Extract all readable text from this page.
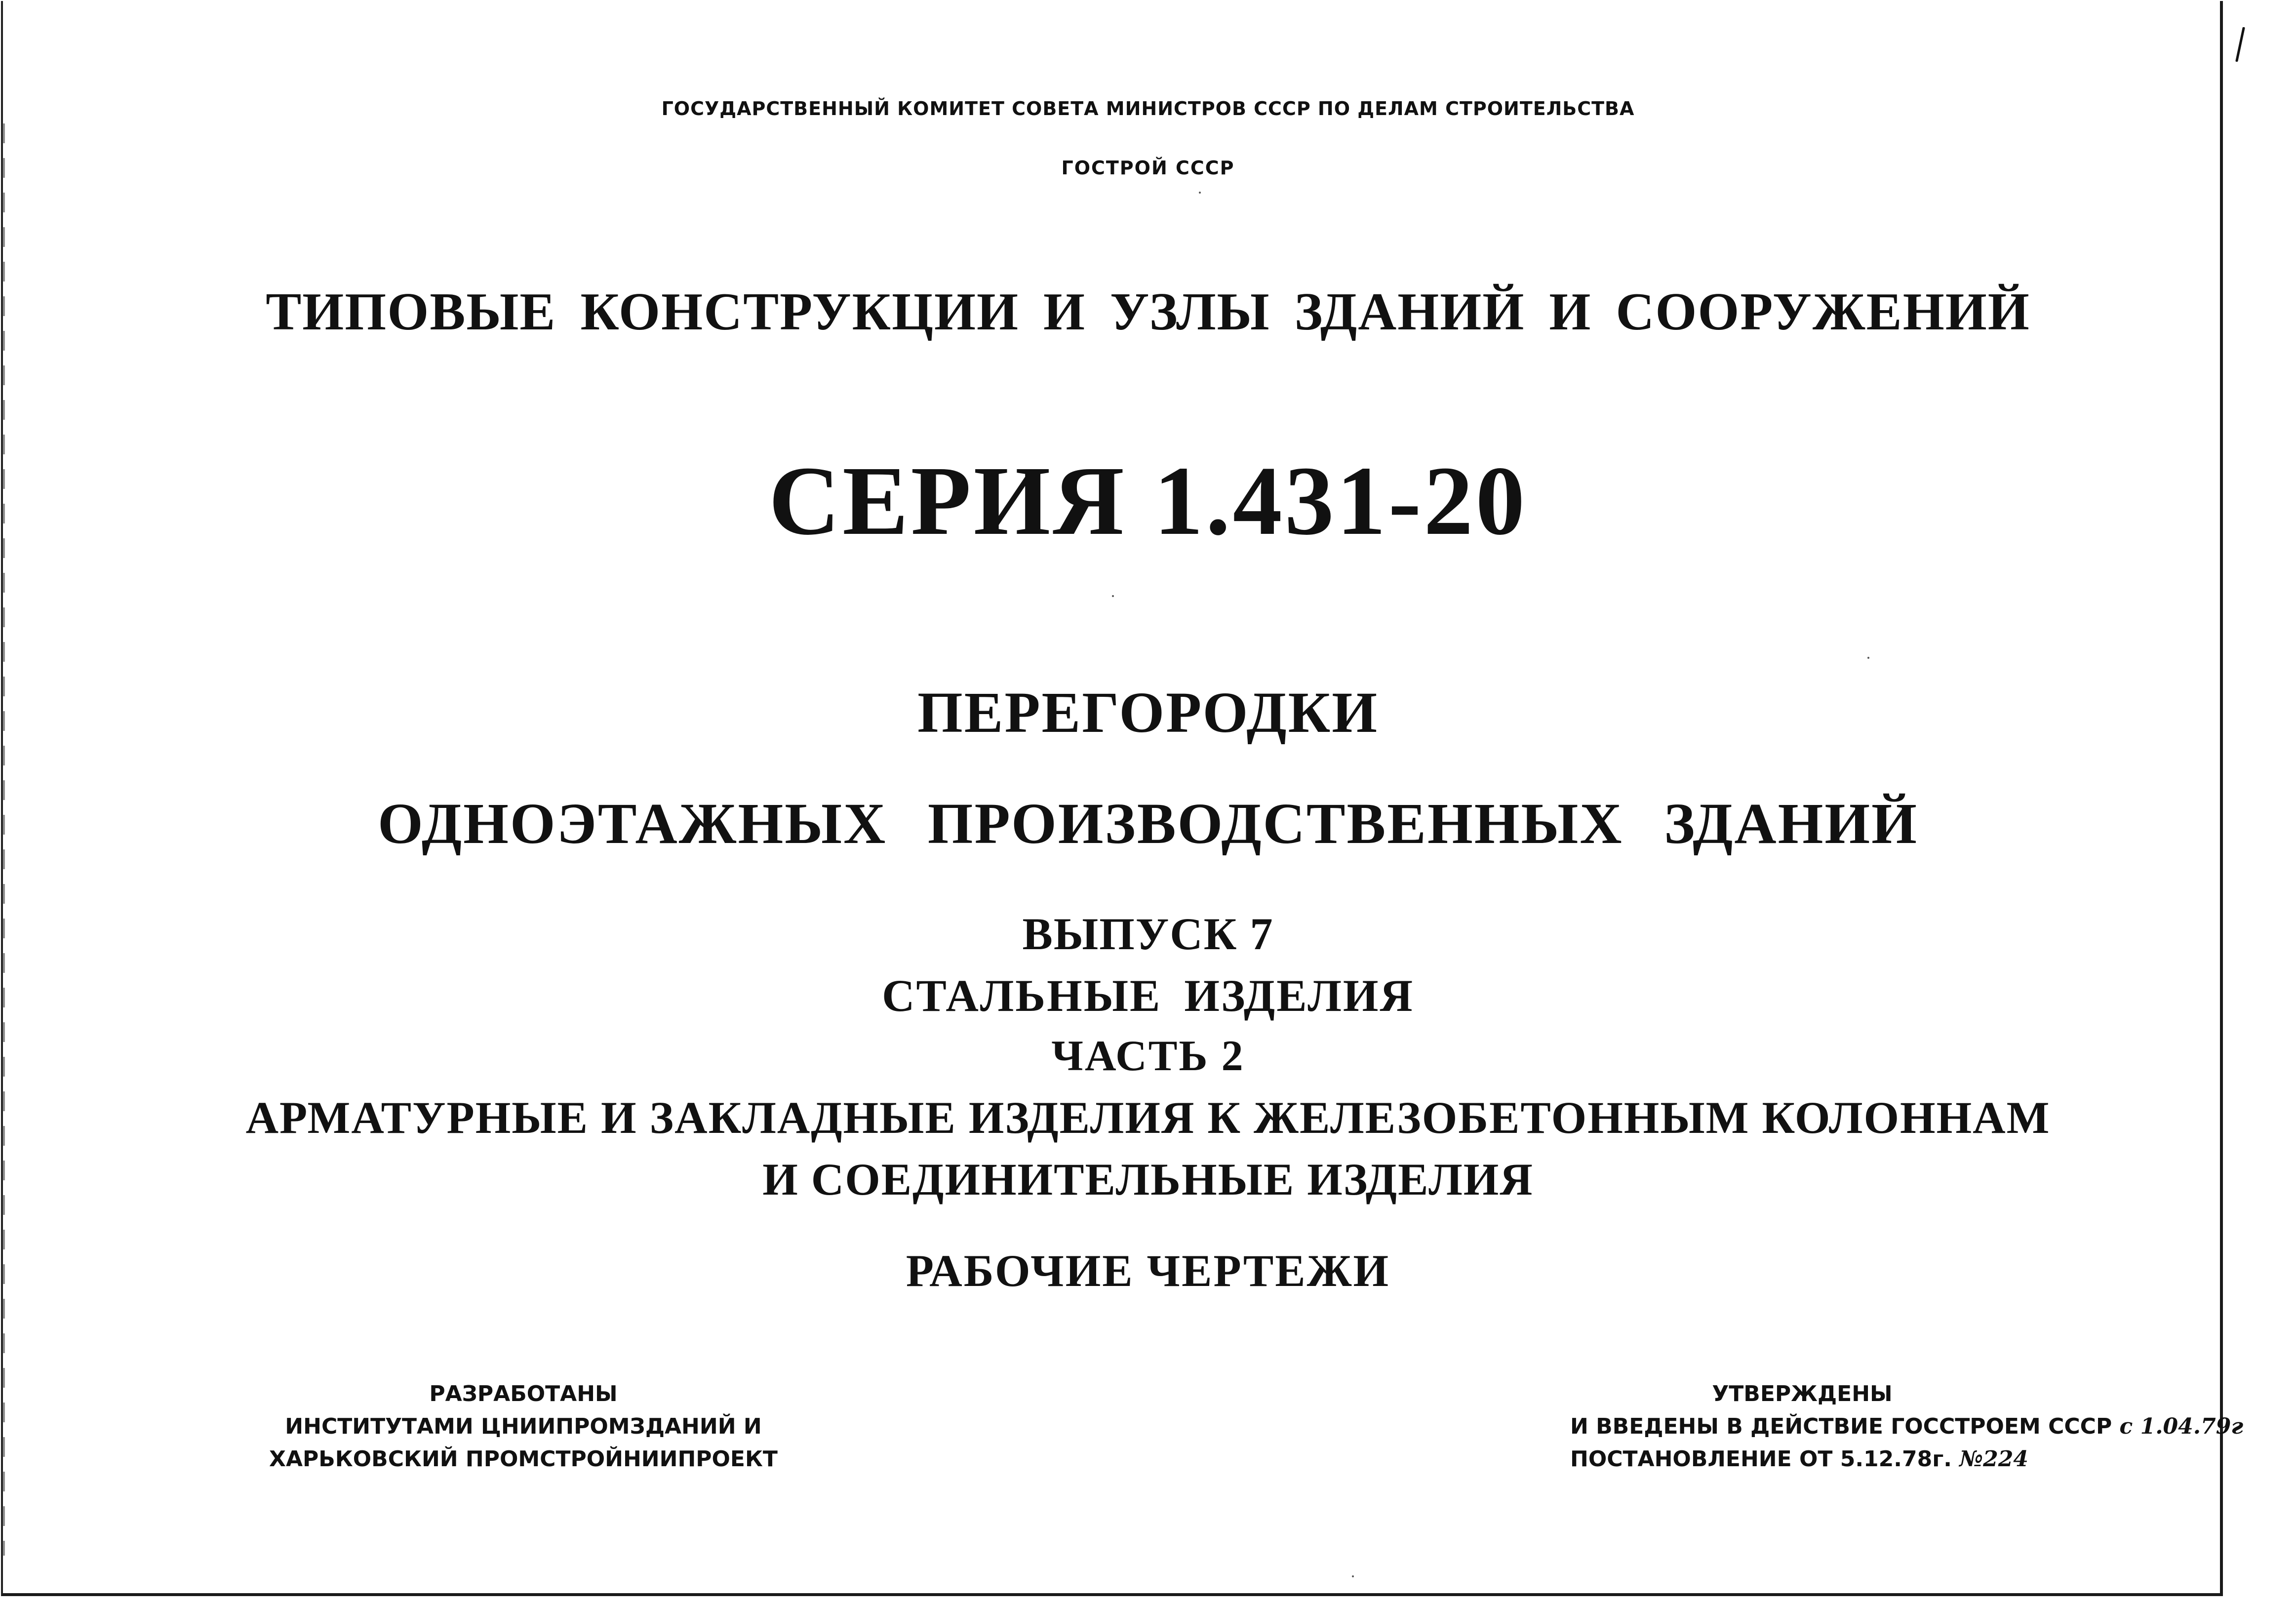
ГОСУДАРСТВЕННЫЙ КОМИТЕТ СОВЕТА МИНИСТРОВ СССР ПО ДЕЛАМ СТРОИТЕЛЬСТВА
ГОСТРОЙ СССР
ТИПОВЫЕ КОНСТРУКЦИИ И УЗЛЫ ЗДАНИЙ И СООРУЖЕНИЙ
СЕРИЯ 1.431-20
ПЕРЕГОРОДКИ
ОДНОЭТАЖНЫХ ПРОИЗВОДСТВЕННЫХ ЗДАНИЙ
ВЫПУСК 7
СТАЛЬНЫЕ ИЗДЕЛИЯ
ЧАСТЬ 2
АРМАТУРНЫЕ И ЗАКЛАДНЫЕ ИЗДЕЛИЯ К ЖЕЛЕЗОБЕТОННЫМ КОЛОННАМ
И СОЕДИНИТЕЛЬНЫЕ ИЗДЕЛИЯ
РАБОЧИЕ ЧЕРТЕЖИ
РАЗРАБОТАНЫ
ИНСТИТУТАМИ ЦНИИПРОМЗДАНИЙ И
ХАРЬКОВСКИЙ ПРОМСТРОЙНИИПРОЕКТ
УТВЕРЖДЕНЫ
И ВВЕДЕНЫ В ДЕЙСТВИЕ ГОССТРОЕМ СССР с 1.04.79г
ПОСТАНОВЛЕНИЕ ОТ 5.12.78г. №224
